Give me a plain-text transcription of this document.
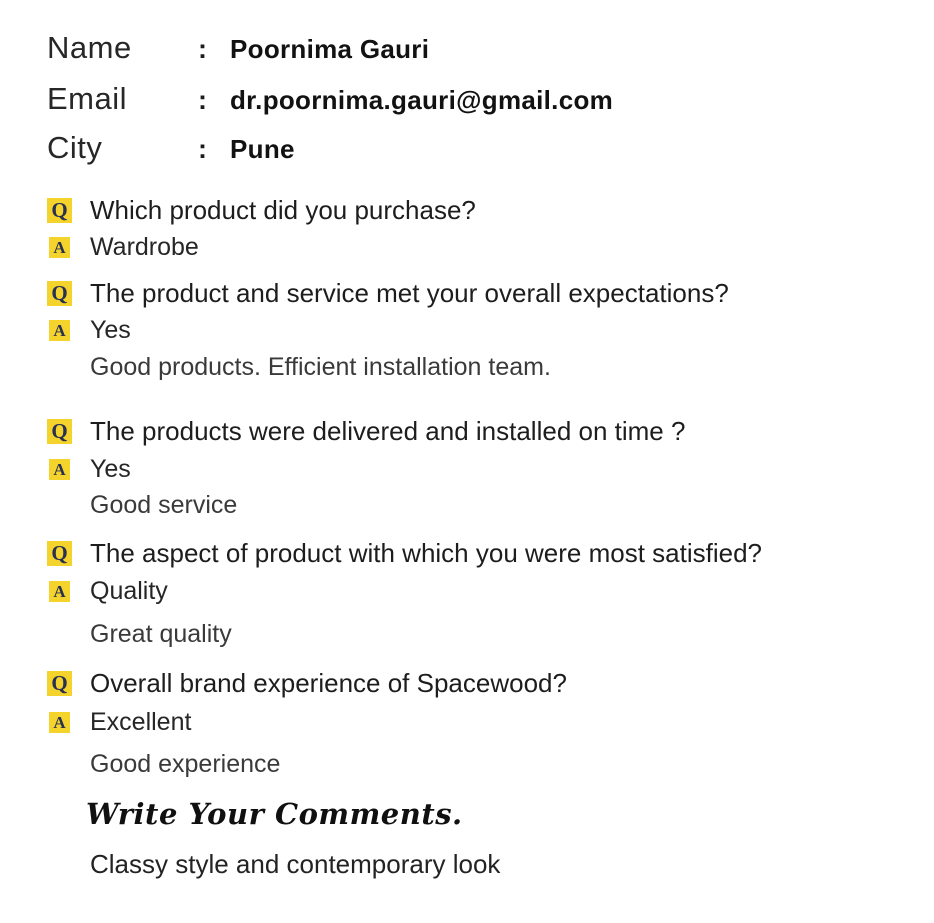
Name	: Poornima Gauri
Email	: dr.poornima.gauri@gmail.com
City	: Pune
Q Which product did you purchase?
A Wardrobe
Q The product and service met your overall expectations?
A Yes
Good products. Efficient installation team.
Q The products were delivered and installed on time ?
A Yes
Good service
Q The aspect of product with which you were most satisfied?
A Quality
Great quality
Q Overall brand experience of Spacewood?
A Excellent
Good experience
Write Your Comments.
Classy style and contemporary look
